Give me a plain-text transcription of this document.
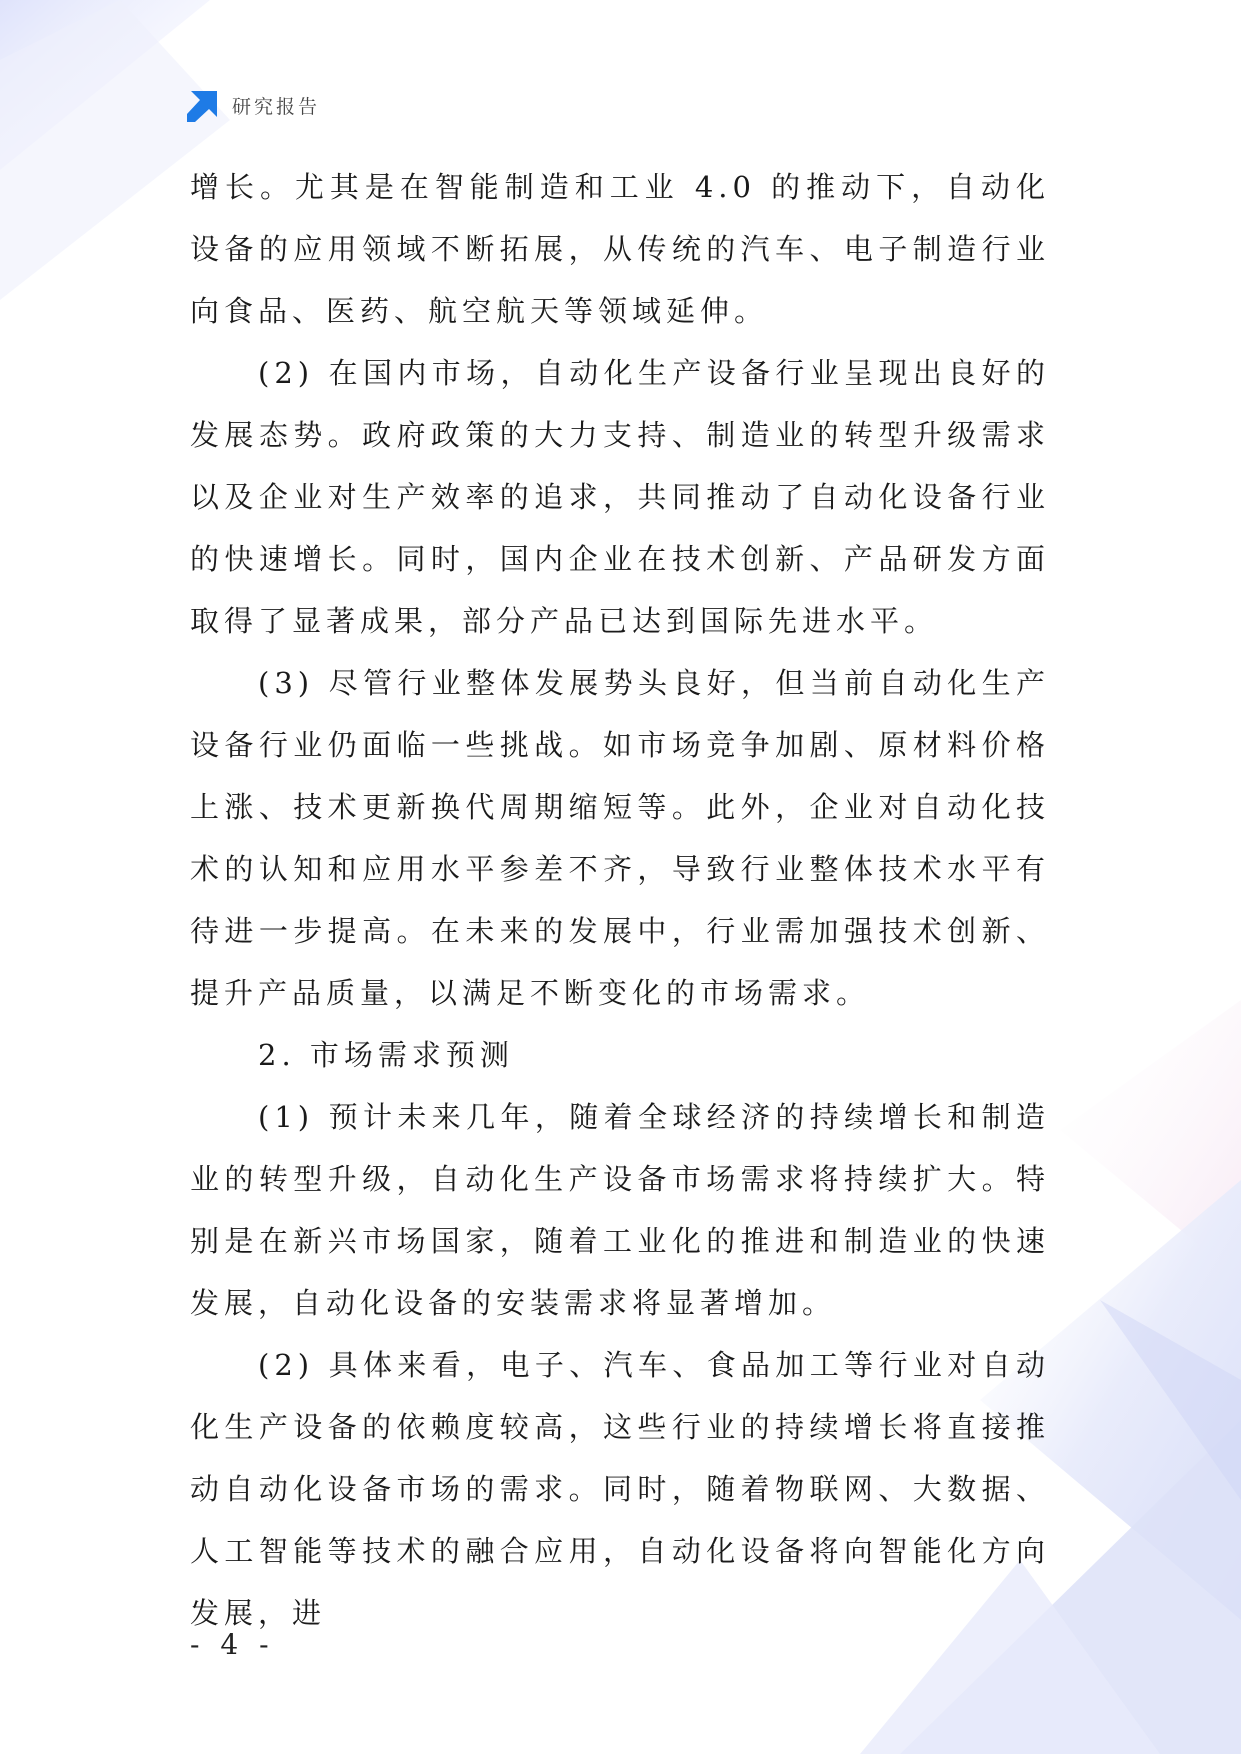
研究报告

增长。尤其是在智能制造和工业 4.0 的推动下，自动化设备的应用领域不断拓展，从传统的汽车、电子制造行业向食品、医药、航空航天等领域延伸。

(2) 在国内市场，自动化生产设备行业呈现出良好的发展态势。政府政策的大力支持、制造业的转型升级需求以及企业对生产效率的追求，共同推动了自动化设备行业的快速增长。同时，国内企业在技术创新、产品研发方面取得了显著成果，部分产品已达到国际先进水平。

(3) 尽管行业整体发展势头良好，但当前自动化生产设备行业仍面临一些挑战。如市场竞争加剧、原材料价格上涨、技术更新换代周期缩短等。此外，企业对自动化技术的认知和应用水平参差不齐，导致行业整体技术水平有待进一步提高。在未来的发展中，行业需加强技术创新、提升产品质量，以满足不断变化的市场需求。

2. 市场需求预测

(1) 预计未来几年，随着全球经济的持续增长和制造业的转型升级，自动化生产设备市场需求将持续扩大。特别是在新兴市场国家，随着工业化的推进和制造业的快速发展，自动化设备的安装需求将显著增加。

(2) 具体来看，电子、汽车、食品加工等行业对自动化生产设备的依赖度较高，这些行业的持续增长将直接推动自动化设备市场的需求。同时，随着物联网、大数据、人工智能等技术的融合应用，自动化设备将向智能化方向发展，进

- 4 -
